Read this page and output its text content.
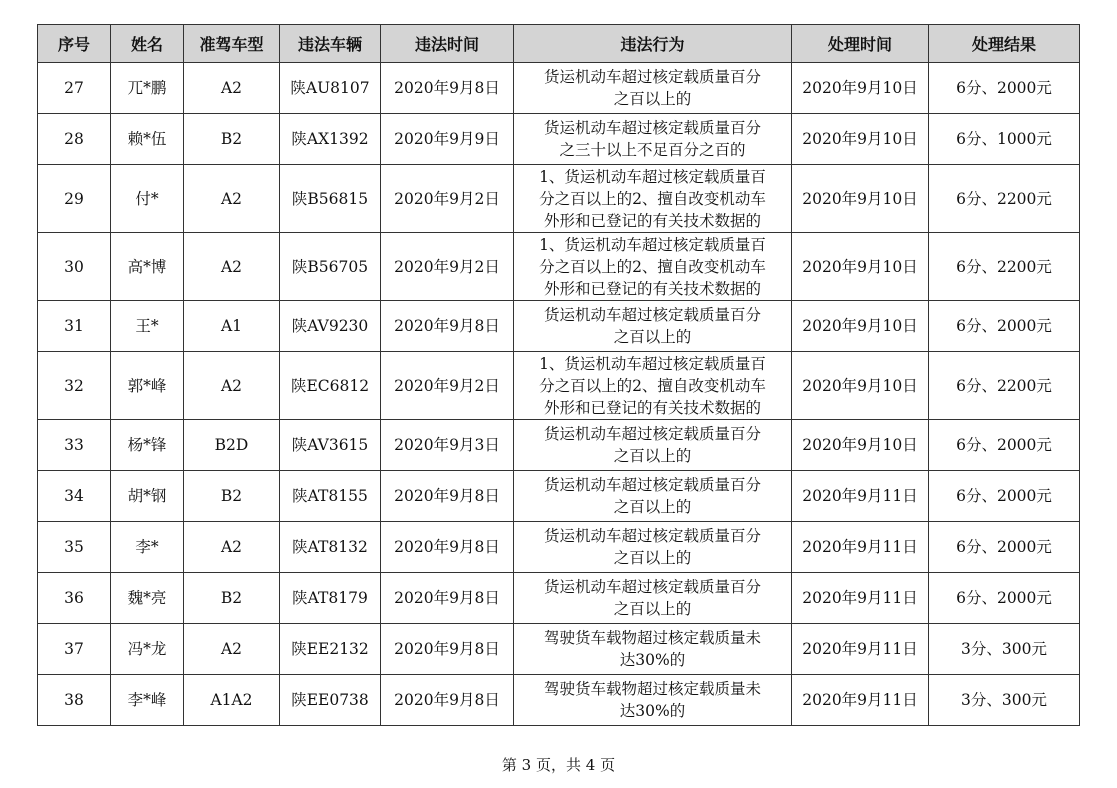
序号	姓名	准驾车型	违法车辆	违法时间	违法行为	处理时间	处理结果
27	兀*鹏	A2	陕AU8107	2020年9月8日	货运机动车超过核定载质量百分
之百以上的	2020年9月10日	6分、2000元
28	赖*伍	B2	陕AX1392	2020年9月9日	货运机动车超过核定载质量百分
之三十以上不足百分之百的	2020年9月10日	6分、1000元
29	付*	A2	陕B56815	2020年9月2日	1、货运机动车超过核定载质量百
分之百以上的2、擅自改变机动车
外形和已登记的有关技术数据的	2020年9月10日	6分、2200元
30	高*博	A2	陕B56705	2020年9月2日	1、货运机动车超过核定载质量百
分之百以上的2、擅自改变机动车
外形和已登记的有关技术数据的	2020年9月10日	6分、2200元
31	王*	A1	陕AV9230	2020年9月8日	货运机动车超过核定载质量百分
之百以上的	2020年9月10日	6分、2000元
32	郭*峰	A2	陕EC6812	2020年9月2日	1、货运机动车超过核定载质量百
分之百以上的2、擅自改变机动车
外形和已登记的有关技术数据的	2020年9月10日	6分、2200元
33	杨*锋	B2D	陕AV3615	2020年9月3日	货运机动车超过核定载质量百分
之百以上的	2020年9月10日	6分、2000元
34	胡*钢	B2	陕AT8155	2020年9月8日	货运机动车超过核定载质量百分
之百以上的	2020年9月11日	6分、2000元
35	李*	A2	陕AT8132	2020年9月8日	货运机动车超过核定载质量百分
之百以上的	2020年9月11日	6分、2000元
36	魏*亮	B2	陕AT8179	2020年9月8日	货运机动车超过核定载质量百分
之百以上的	2020年9月11日	6分、2000元
37	冯*龙	A2	陕EE2132	2020年9月8日	驾驶货车载物超过核定载质量未
达30%的	2020年9月11日	3分、300元
38	李*峰	A1A2	陕EE0738	2020年9月8日	驾驶货车载物超过核定载质量未
达30%的	2020年9月11日	3分、300元
第 3 页，共 4 页
